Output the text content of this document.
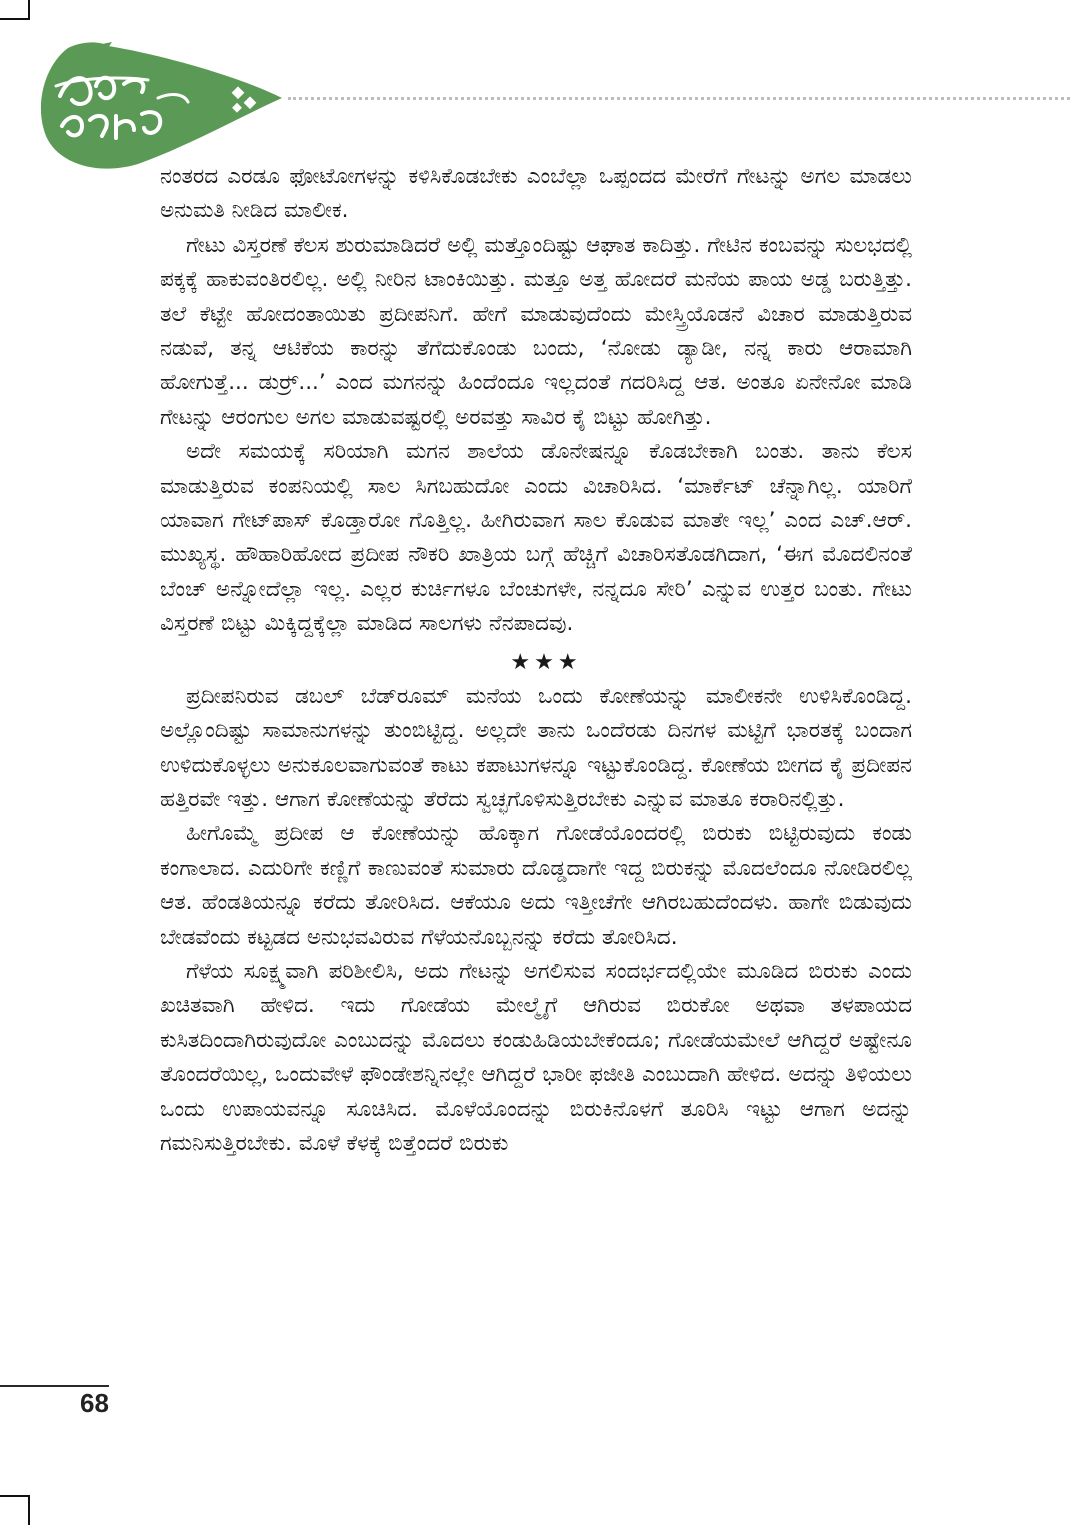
ನಂತರದ ಎರಡೂ ಫೋಟೋಗಳನ್ನು ಕಳಿಸಿಕೊಡಬೇಕು ಎಂಬೆಲ್ಲಾ ಒಪ್ಪಂದದ ಮೇರೆಗೆ ಗೇಟನ್ನು ಅಗಲ ಮಾಡಲು ಅನುಮತಿ ನೀಡಿದ ಮಾಲೀಕ.

ಗೇಟು ವಿಸ್ತರಣೆ ಕೆಲಸ ಶುರುಮಾಡಿದರೆ ಅಲ್ಲಿ ಮತ್ತೊಂದಿಷ್ಟು ಆಘಾತ ಕಾದಿತ್ತು. ಗೇಟಿನ ಕಂಬವನ್ನು ಸುಲಭದಲ್ಲಿ ಪಕ್ಕಕ್ಕೆ ಹಾಕುವಂತಿರಲಿಲ್ಲ. ಅಲ್ಲಿ ನೀರಿನ ಟಾಂಕಿಯಿತ್ತು. ಮತ್ತೂ ಅತ್ತ ಹೋದರೆ ಮನೆಯ ಪಾಯ ಅಡ್ಡ ಬರುತ್ತಿತ್ತು. ತಲೆ ಕೆಟ್ಟೇ ಹೋದಂತಾಯಿತು ಪ್ರದೀಪನಿಗೆ. ಹೇಗೆ ಮಾಡುವುದೆಂದು ಮೇಸ್ತ್ರಿಯೊಡನೆ ವಿಚಾರ ಮಾಡುತ್ತಿರುವ ನಡುವೆ, ತನ್ನ ಆಟಿಕೆಯ ಕಾರನ್ನು ತೆಗೆದುಕೊಂಡು ಬಂದು, ‘ನೋಡು ಡ್ಯಾಡೀ, ನನ್ನ ಕಾರು ಆರಾಮಾಗಿ ಹೋಗುತ್ತೆ... ಡುರ್‍ರ್...’ ಎಂದ ಮಗನನ್ನು ಹಿಂದೆಂದೂ ಇಲ್ಲದಂತೆ ಗದರಿಸಿದ್ದ ಆತ. ಅಂತೂ ಏನೇನೋ ಮಾಡಿ ಗೇಟನ್ನು ಆರಂಗುಲ ಅಗಲ ಮಾಡುವಷ್ಟರಲ್ಲಿ ಅರವತ್ತು ಸಾವಿರ ಕೈ ಬಿಟ್ಟು ಹೋಗಿತ್ತು.

ಅದೇ ಸಮಯಕ್ಕೆ ಸರಿಯಾಗಿ ಮಗನ ಶಾಲೆಯ ಡೊನೇಷನ್ನೂ ಕೊಡಬೇಕಾಗಿ ಬಂತು. ತಾನು ಕೆಲಸ ಮಾಡುತ್ತಿರುವ ಕಂಪನಿಯಲ್ಲಿ ಸಾಲ ಸಿಗಬಹುದೋ ಎಂದು ವಿಚಾರಿಸಿದ. ‘ಮಾರ್ಕೆಟ್ ಚೆನ್ನಾಗಿಲ್ಲ. ಯಾರಿಗೆ ಯಾವಾಗ ಗೇಟ್‌ಪಾಸ್ ಕೊಡ್ತಾರೋ ಗೊತ್ತಿಲ್ಲ. ಹೀಗಿರುವಾಗ ಸಾಲ ಕೊಡುವ ಮಾತೇ ಇಲ್ಲ’ ಎಂದ ಎಚ್.ಆರ್. ಮುಖ್ಯಸ್ಥ. ಹೌಹಾರಿಹೋದ ಪ್ರದೀಪ ನೌಕರಿ ಖಾತ್ರಿಯ ಬಗ್ಗೆ ಹೆಚ್ಚಿಗೆ ವಿಚಾರಿಸತೊಡಗಿದಾಗ, ‘ಈಗ ಮೊದಲಿನಂತೆ ಬೆಂಚ್ ಅನ್ನೋದೆಲ್ಲಾ ಇಲ್ಲ. ಎಲ್ಲರ ಕುರ್ಚಿಗಳೂ ಬೆಂಚುಗಳೇ, ನನ್ನದೂ ಸೇರಿ’ ಎನ್ನುವ ಉತ್ತರ ಬಂತು. ಗೇಟು ವಿಸ್ತರಣೆ ಬಿಟ್ಟು ಮಿಕ್ಕಿದ್ದಕ್ಕೆಲ್ಲಾ ಮಾಡಿದ ಸಾಲಗಳು ನೆನಪಾದವು.

★★★

ಪ್ರದೀಪನಿರುವ ಡಬಲ್ ಬೆಡ್‌ರೂಮ್ ಮನೆಯ ಒಂದು ಕೋಣೆಯನ್ನು ಮಾಲೀಕನೇ ಉಳಿಸಿಕೊಂಡಿದ್ದ. ಅಲ್ಲೊಂದಿಷ್ಟು ಸಾಮಾನುಗಳನ್ನು ತುಂಬಿಟ್ಟಿದ್ದ. ಅಲ್ಲದೇ ತಾನು ಒಂದೆರಡು ದಿನಗಳ ಮಟ್ಟಿಗೆ ಭಾರತಕ್ಕೆ ಬಂದಾಗ ಉಳಿದುಕೊಳ್ಳಲು ಅನುಕೂಲವಾಗುವಂತೆ ಕಾಟು ಕಪಾಟುಗಳನ್ನೂ ಇಟ್ಟುಕೊಂಡಿದ್ದ. ಕೋಣೆಯ ಬೀಗದ ಕೈ ಪ್ರದೀಪನ ಹತ್ತಿರವೇ ಇತ್ತು. ಆಗಾಗ ಕೋಣೆಯನ್ನು ತೆರೆದು ಸ್ವಚ್ಛಗೊಳಿಸುತ್ತಿರಬೇಕು ಎನ್ನುವ ಮಾತೂ ಕರಾರಿನಲ್ಲಿತ್ತು.

ಹೀಗೊಮ್ಮೆ ಪ್ರದೀಪ ಆ ಕೋಣೆಯನ್ನು ಹೊಕ್ಕಾಗ ಗೋಡೆಯೊಂದರಲ್ಲಿ ಬಿರುಕು ಬಿಟ್ಟಿರುವುದು ಕಂಡು ಕಂಗಾಲಾದ. ಎದುರಿಗೇ ಕಣ್ಣಿಗೆ ಕಾಣುವಂತೆ ಸುಮಾರು ದೊಡ್ಡದಾಗೇ ಇದ್ದ ಬಿರುಕನ್ನು ಮೊದಲೆಂದೂ ನೋಡಿರಲಿಲ್ಲ ಆತ. ಹೆಂಡತಿಯನ್ನೂ ಕರೆದು ತೋರಿಸಿದ. ಆಕೆಯೂ ಅದು ಇತ್ತೀಚೆಗೇ ಆಗಿರಬಹುದೆಂದಳು. ಹಾಗೇ ಬಿಡುವುದು ಬೇಡವೆಂದು ಕಟ್ಟಡದ ಅನುಭವವಿರುವ ಗೆಳೆಯನೊಬ್ಬನನ್ನು ಕರೆದು ತೋರಿಸಿದ.

ಗೆಳೆಯ ಸೂಕ್ಷ್ಮವಾಗಿ ಪರಿಶೀಲಿಸಿ, ಅದು ಗೇಟನ್ನು ಅಗಲಿಸುವ ಸಂದರ್ಭದಲ್ಲಿಯೇ ಮೂಡಿದ ಬಿರುಕು ಎಂದು ಖಚಿತವಾಗಿ ಹೇಳಿದ. ಇದು ಗೋಡೆಯ ಮೇಲ್ಮೈಗೆ ಆಗಿರುವ ಬಿರುಕೋ ಅಥವಾ ತಳಪಾಯದ ಕುಸಿತದಿಂದಾಗಿರುವುದೋ ಎಂಬುದನ್ನು ಮೊದಲು ಕಂಡುಹಿಡಿಯಬೇಕೆಂದೂ; ಗೋಡೆಯಮೇಲೆ ಆಗಿದ್ದರೆ ಅಷ್ಟೇನೂ ತೊಂದರೆಯಿಲ್ಲ, ಒಂದುವೇಳೆ ಫೌಂಡೇಶನ್ನಿನಲ್ಲೇ ಆಗಿದ್ದರೆ ಭಾರೀ ಫಜೀತಿ ಎಂಬುದಾಗಿ ಹೇಳಿದ. ಅದನ್ನು ತಿಳಿಯಲು ಒಂದು ಉಪಾಯವನ್ನೂ ಸೂಚಿಸಿದ. ಮೊಳೆಯೊಂದನ್ನು ಬಿರುಕಿನೊಳಗೆ ತೂರಿಸಿ ಇಟ್ಟು ಆಗಾಗ ಅದನ್ನು ಗಮನಿಸುತ್ತಿರಬೇಕು. ಮೊಳೆ ಕೆಳಕ್ಕೆ ಬಿತ್ತೆಂದರೆ ಬಿರುಕು

68
